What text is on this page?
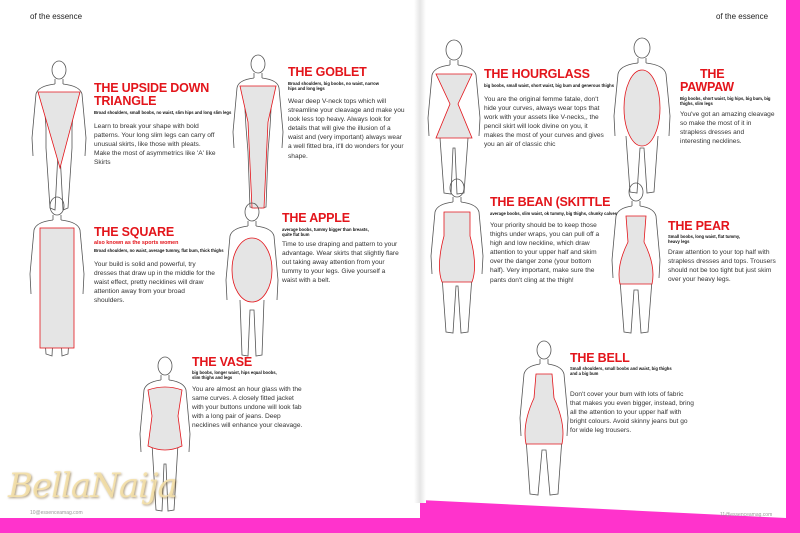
of the essence	of the essence
THE UPSIDE DOWN
TRIANGLE
Broad shoulders, small boobs, no waist, slim hips and long slim legs
Learn to break your shape with bold patterns. Your long slim legs can carry off unusual skirts, like those with pleats. Make the most of asymmetrics like 'A' like Skirts
THE GOBLET
Broad shoulders, big boobs, no waist, narrow hips and long legs
Wear deep V-neck tops which will streamline your cleavage and make you look less top heavy. Always look for details that will give the illusion of a waist and (very important) always wear a well fitted bra, it'll do wonders for your shape.
THE SQUARE
also known as the sports women
Broad shoulders, no waist, average tummy, flat bum, thick thighs
Your build is solid and powerful, try dresses that draw up in the middle for the waist effect, pretty necklines will draw attention away from your broad shoulders.
THE APPLE
average boobs, tummy bigger than breasts, quite flat bum
Time to use draping and pattern to your advantage. Wear skirts that slightly flare out taking away attention from your tummy to your legs. Give yourself a waist with a belt.
THE VASE
big boobs, longer waist, hips equal boobs, slim thighs and legs
You are almost an hour glass with the same curves. A closely fitted jacket with your buttons undone will look fab with a long pair of jeans. Deep necklines will enhance your cleavage.
THE HOURGLASS
big boobs, small waist, short waist, big bum and generous thighs
You are the original femme fatale, don't hide your curves, always wear tops that work with your assets like V-necks,, the pencil skirt will look divine on you, it makes the most of your curves and gives you an air of classic chic
THE
PAWPAW
Big boobs, short waist, big hips, big bum, big thighs, slim legs
You've got an amazing cleavage so make the most of it in strapless dresses and interesting necklines.
THE BEAN (SKITTLE
average boobs, slim waist, ok tummy, big thighs, chunky calves
Your priority should be to keep those thighs under wraps, you can pull off a high and low neckline, which draw attention to your upper half and skim over the danger zone (your bottom half). Very important, make sure the pants don't cling at the thigh!
THE PEAR
Small boobs, long waist, flat tummy, heavy legs
Draw attention to your top half with strapless dresses and tops. Trousers should not be too tight but just skim over your heavy legs.
THE BELL
Small shoulders, small boobs and waist, big thighs and a big bum
Don't cover your bum with lots of fabric that makes you even bigger, instead, bring all the attention to your upper half with bright colours. Avoid skinny jeans but go for wide leg trousers.
BellaNaija
10@essenceamag.com	11@essenceamag.com
